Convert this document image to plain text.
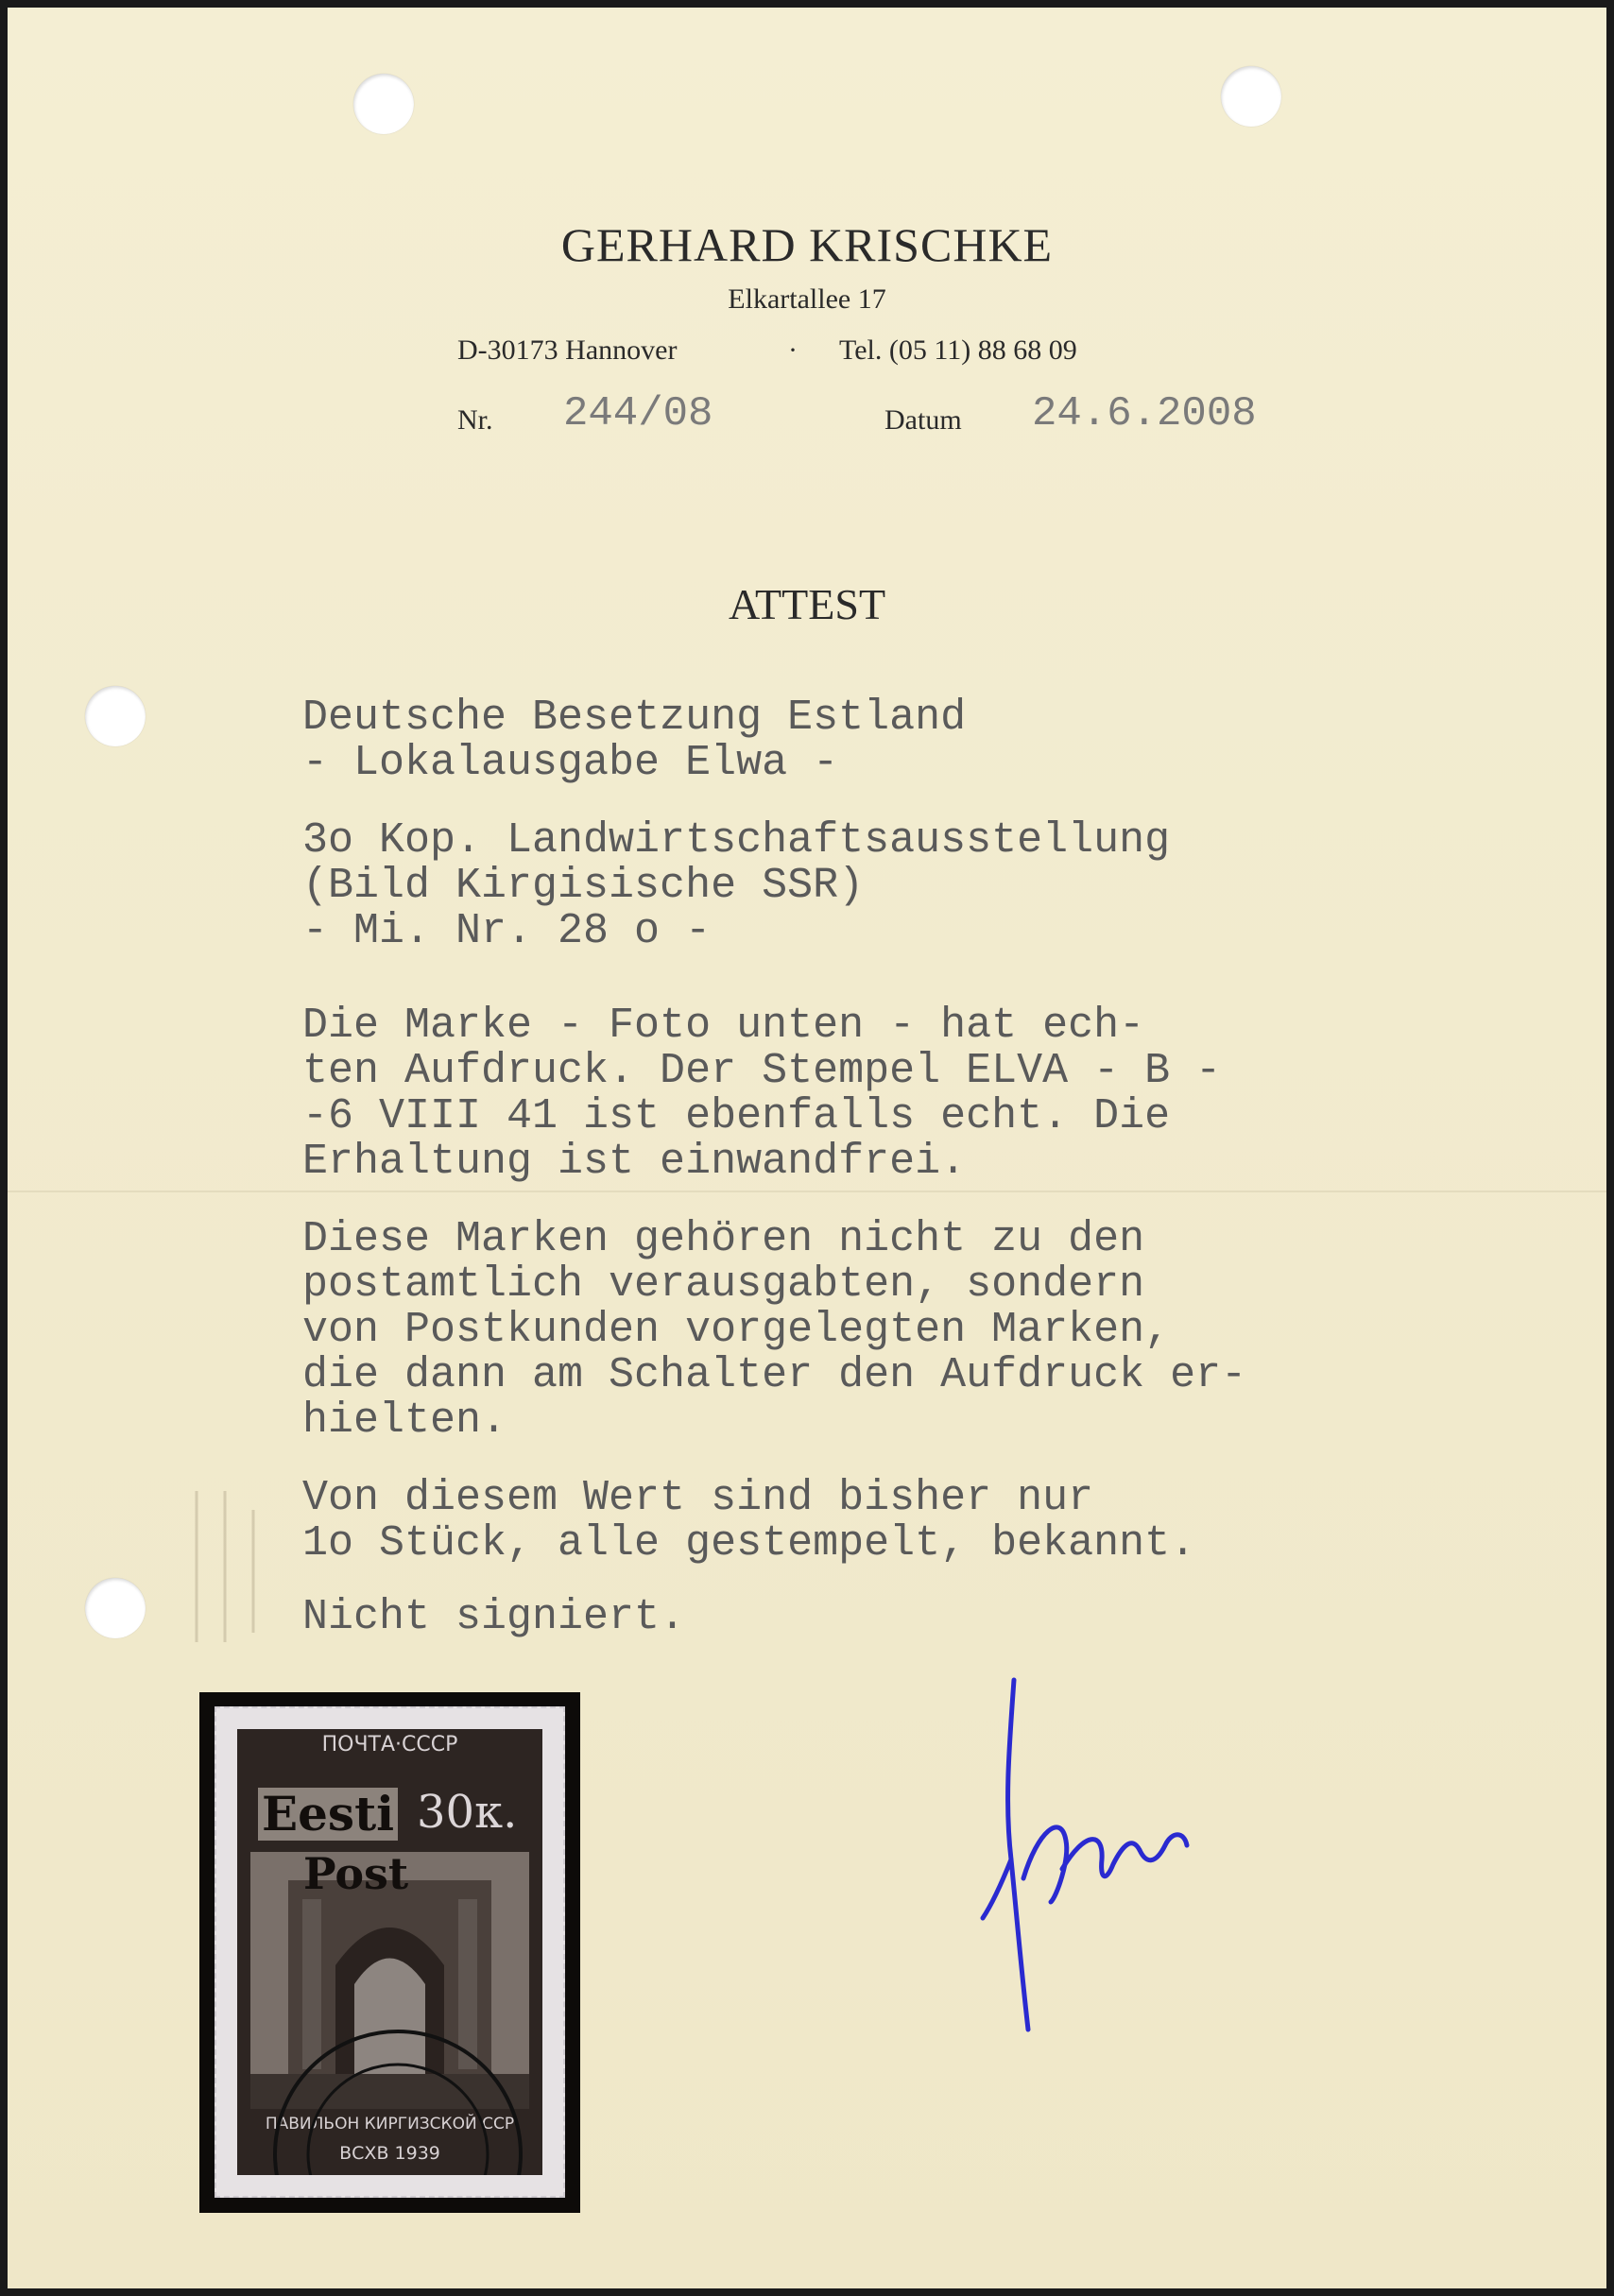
GERHARD KRISCHKE
Elkartallee 17
D-30173 Hannover	· Tel. (05 11) 88 68 09
Nr. 244/08	Datum 24.6.2008
ATTEST
Deutsche Besetzung Estland
- Lokalausgabe Elwa -
3o Kop. Landwirtschaftsausstellung
(Bild Kirgisische SSR)
- Mi. Nr. 28 o -
Die Marke - Foto unten - hat ech-
ten Aufdruck. Der Stempel ELVA - B -
-6 VIII 41 ist ebenfalls echt. Die
Erhaltung ist einwandfrei.
Diese Marken gehören nicht zu den
postamtlich verausgabten, sondern
von Postkunden vorgelegten Marken,
die dann am Schalter den Aufdruck er-
hielten.
Von diesem Wert sind bisher nur
1o Stück, alle gestempelt, bekannt.
Nicht signiert.
ПОЧТА·СССР
Eesti 30к.
Post
ПАВИЛЬОН КИРГИЗСКОЙ ССР
ВСХВ 1939
